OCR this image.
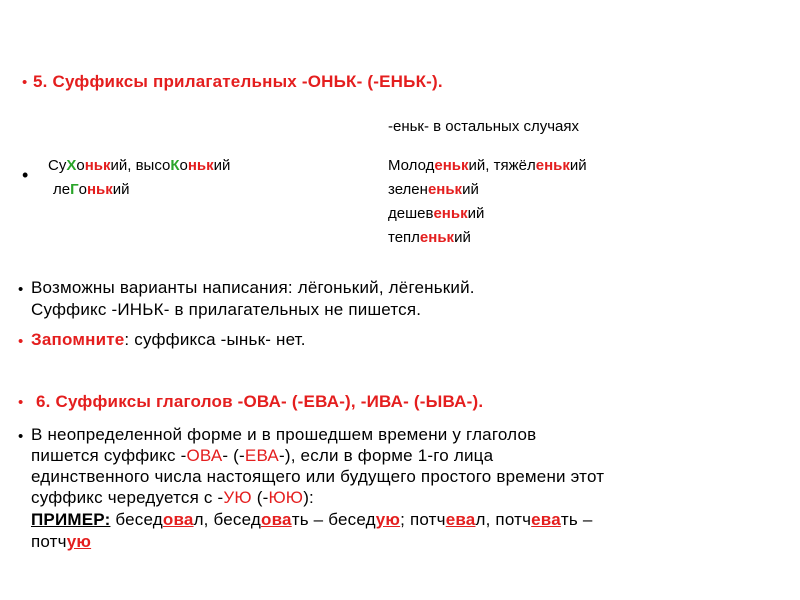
• 5. Суффиксы прилагательных -ОНЬК- (-ЕНЬК-).
-еньк- в остальных случаях
• СуХонький, высоКонький
леГонький
Молоденький, тяжёленький
зелененький
дешевенький
тепленький
• Возможны варианты написания: лёгонький, лёгенький.
Суффикс -ИНЬК- в прилагательных не пишется.
• Запомните: суффикса -ыньк- нет.
• 6. Суффиксы глаголов -ОВА- (-ЕВА-), -ИВА- (-ЫВА-).
• В неопределенной форме и в прошедшем времени у глаголов
пишется суффикс -ОВА- (-ЕВА-), если в форме 1-го лица
единственного числа настоящего или будущего простого времени этот
суффикс чередуется с -УЮ (-ЮЮ):
ПРИМЕР: беседовал, беседовать – беседую; потчевал, потчевать –
потчую
